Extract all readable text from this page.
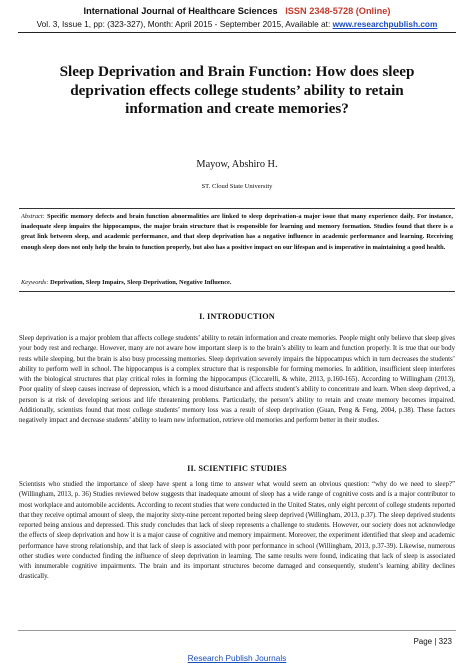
International Journal of Healthcare Sciences ISSN 2348-5728 (Online)
Vol. 3, Issue 1, pp: (323-327), Month: April 2015 - September 2015, Available at: www.researchpublish.com
Sleep Deprivation and Brain Function: How does sleep deprivation effects college students’ ability to retain information and create memories?
Mayow, Abshiro H.
ST. Cloud State University
Abstract: Specific memory defects and brain function abnormalities are linked to sleep deprivation-a major issue that many experience daily. For instance, inadequate sleep impairs the hippocampus, the major brain structure that is responsible for learning and memory formation. Studies found that there is a great link between sleep, and academic performance, and that sleep deprivation has a negative influence in academic performance and learning. Receiving enough sleep does not only help the brain to function properly, but also has a positive impact on our lifespan and is imperative in maintaining a good health.
Keywords: Deprivation, Sleep Impairs, Sleep Deprivation, Negative Influence.
I. INTRODUCTION
Sleep deprivation is a major problem that affects college students’ ability to retain information and create memories. People might only believe that sleep gives your body rest and recharge. However, many are not aware how important sleep is to the brain’s ability to learn and function properly. It is true that our body rests while sleeping, but the brain is also busy processing memories. Sleep deprivation severely impairs the hippocampus which in turn decreases the students’ ability to perform well in school. The hippocampus is a complex structure that is responsible for forming memories. In addition, insufficient sleep interferes with the biological structures that play critical roles in forming the hippocampus (Ciccarelli, & white, 2013, p.160-165). According to Willingham (2013), Poor quality of sleep causes increase of depression, which is a mood disturbance and affects student’s ability to concentrate and learn. When sleep deprived, a person is at risk of developing serious and life threatening problems. Particularly, the person’s ability to retain and create memory becomes impaired. Additionally, scientists found that most college students’ memory loss was a result of sleep deprivation (Guan, Peng & Feng, 2004, p.38). These factors negatively impact and decrease students’ ability to learn new information, retrieve old memories and perform better in their studies.
II. SCIENTIFIC STUDIES
Scientists who studied the importance of sleep have spent a long time to answer what would seem an obvious question: “why do we need to sleep?” (Willingham, 2013, p. 36) Studies reviewed below suggests that inadequate amount of sleep has a wide range of cognitive costs and is a major contributor to most workplace and automobile accidents. According to recent studies that were conducted in the United States, only eight percent of college students reported that they receive optimal amount of sleep, the majority sixty-nine percent reported being sleep deprived (Willingham, 2013, p.37). The sleep deprived students reported being anxious and depressed. This study concludes that lack of sleep represents a challenge to students. However, our society does not acknowledge the effects of sleep deprivation and how it is a major cause of cognitive and memory impairment. Moreover, the experiment identified that sleep and academic performance have strong relationship, and that lack of sleep is associated with poor performance in school (Willingham, 2013, p.37-39). Likewise, numerous other studies were conducted finding the influence of sleep deprivation in learning. The same results were found, indicating that lack of sleep is associated with innumerable cognitive impairments. The brain and its important structures become damaged and consequently, student’s learning ability declines drastically.
Page | 323
Research Publish Journals
